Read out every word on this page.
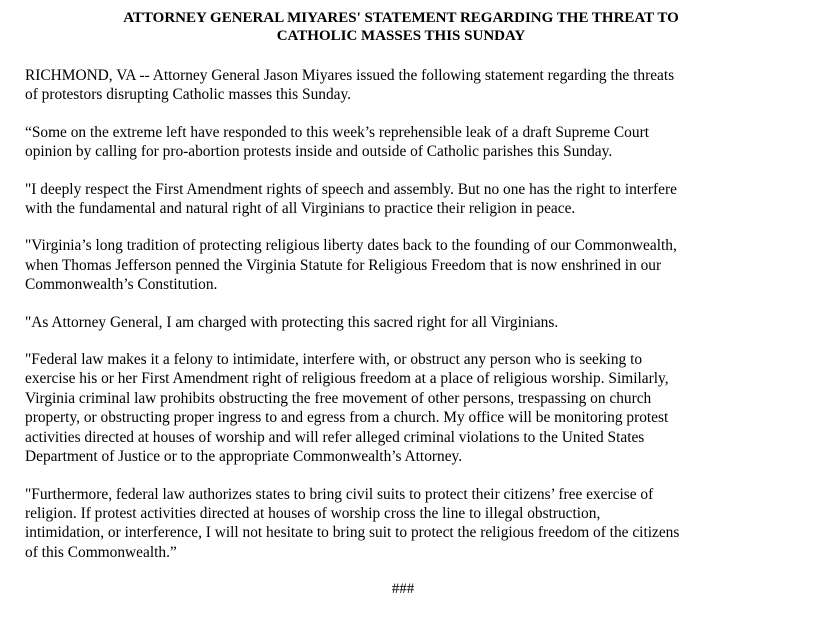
ATTORNEY GENERAL MIYARES' STATEMENT REGARDING THE THREAT TO
CATHOLIC MASSES THIS SUNDAY

RICHMOND, VA -- Attorney General Jason Miyares issued the following statement regarding the threats
of protestors disrupting Catholic masses this Sunday.

“Some on the extreme left have responded to this week’s reprehensible leak of a draft Supreme Court
opinion by calling for pro-abortion protests inside and outside of Catholic parishes this Sunday.

"I deeply respect the First Amendment rights of speech and assembly. But no one has the right to interfere
with the fundamental and natural right of all Virginians to practice their religion in peace.

"Virginia’s long tradition of protecting religious liberty dates back to the founding of our Commonwealth,
when Thomas Jefferson penned the Virginia Statute for Religious Freedom that is now enshrined in our
Commonwealth’s Constitution.

"As Attorney General, I am charged with protecting this sacred right for all Virginians.

"Federal law makes it a felony to intimidate, interfere with, or obstruct any person who is seeking to
exercise his or her First Amendment right of religious freedom at a place of religious worship. Similarly,
Virginia criminal law prohibits obstructing the free movement of other persons, trespassing on church
property, or obstructing proper ingress to and egress from a church. My office will be monitoring protest
activities directed at houses of worship and will refer alleged criminal violations to the United States
Department of Justice or to the appropriate Commonwealth’s Attorney.

"Furthermore, federal law authorizes states to bring civil suits to protect their citizens’ free exercise of
religion. If protest activities directed at houses of worship cross the line to illegal obstruction,
intimidation, or interference, I will not hesitate to bring suit to protect the religious freedom of the citizens
of this Commonwealth.”

###
